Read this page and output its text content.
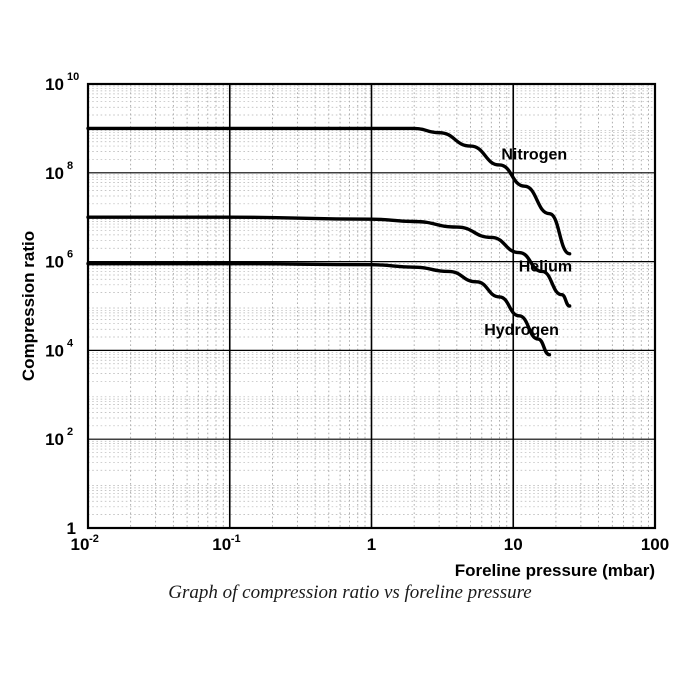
Nitrogen
Helium
Hydrogen
10 -2	10 -1	1	10	100
1
10 2
10 4
10 6
10 8
10 10
Foreline pressure (mbar)
Compression ratio
Graph of compression ratio vs foreline pressure
